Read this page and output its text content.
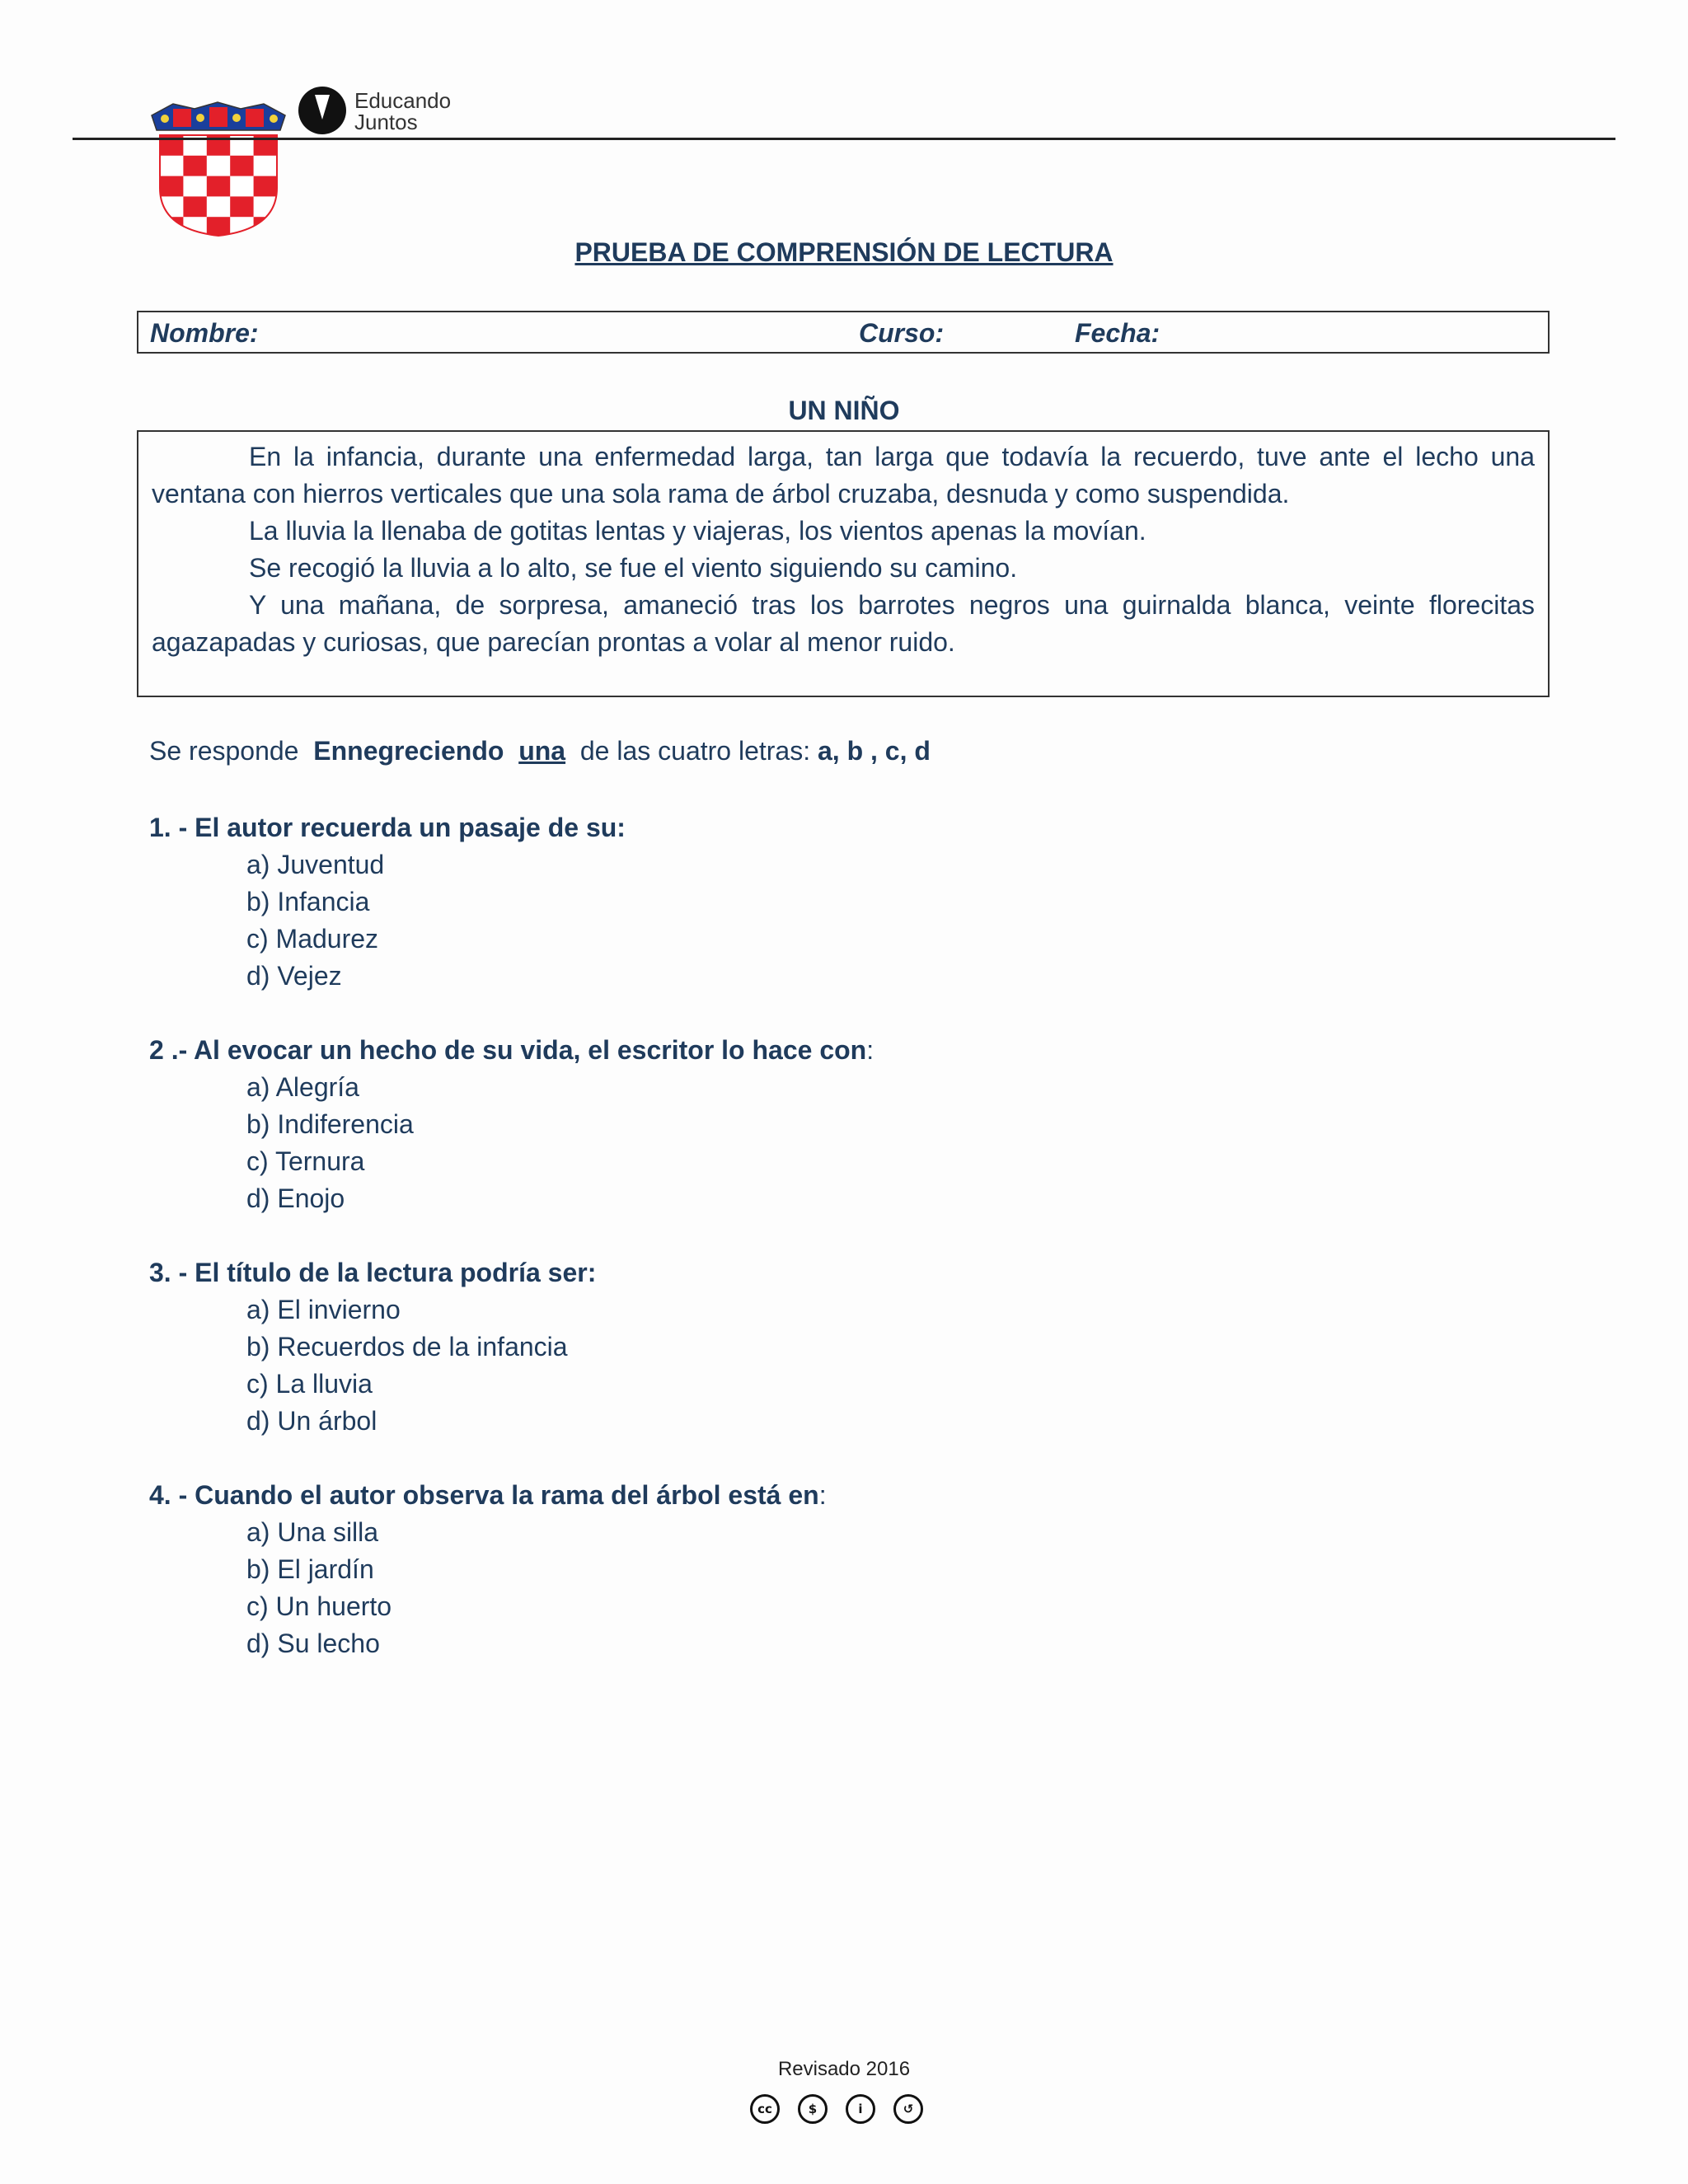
Educando
Juntos
PRUEBA DE COMPRENSIÓN DE LECTURA
Nombre:	Curso:	Fecha:
UN NIÑO

En la infancia, durante una enfermedad larga, tan larga que todavía la recuerdo, tuve ante el lecho una ventana con hierros verticales que una sola rama de árbol cruzaba, desnuda y como suspendida.

La lluvia la llenaba de gotitas lentas y viajeras, los vientos apenas la movían.

Se recogió la lluvia a lo alto, se fue el viento siguiendo su camino.

Y una mañana, de sorpresa, amaneció tras los barrotes negros una guirnalda blanca, veinte florecitas agazapadas y curiosas, que parecían prontas a volar al menor ruido.

Se responde  Ennegreciendo una  de las cuatro letras: a, b , c, d
1. - El autor recuerda un pasaje de su:
a) Juventud
b) Infancia
c) Madurez
d) Vejez
2 .- Al evocar un hecho de su vida, el escritor lo hace con:
a) Alegría
b) Indiferencia
c) Ternura
d) Enojo
3. - El título de la lectura podría ser:
a) El invierno
b) Recuerdos de la infancia
c) La lluvia
d) Un árbol
4. - Cuando el autor observa la rama del árbol está en:
a) Una silla
b) El jardín
c) Un huerto
d) Su lecho
Revisado 2016
cc	$	i	↺
